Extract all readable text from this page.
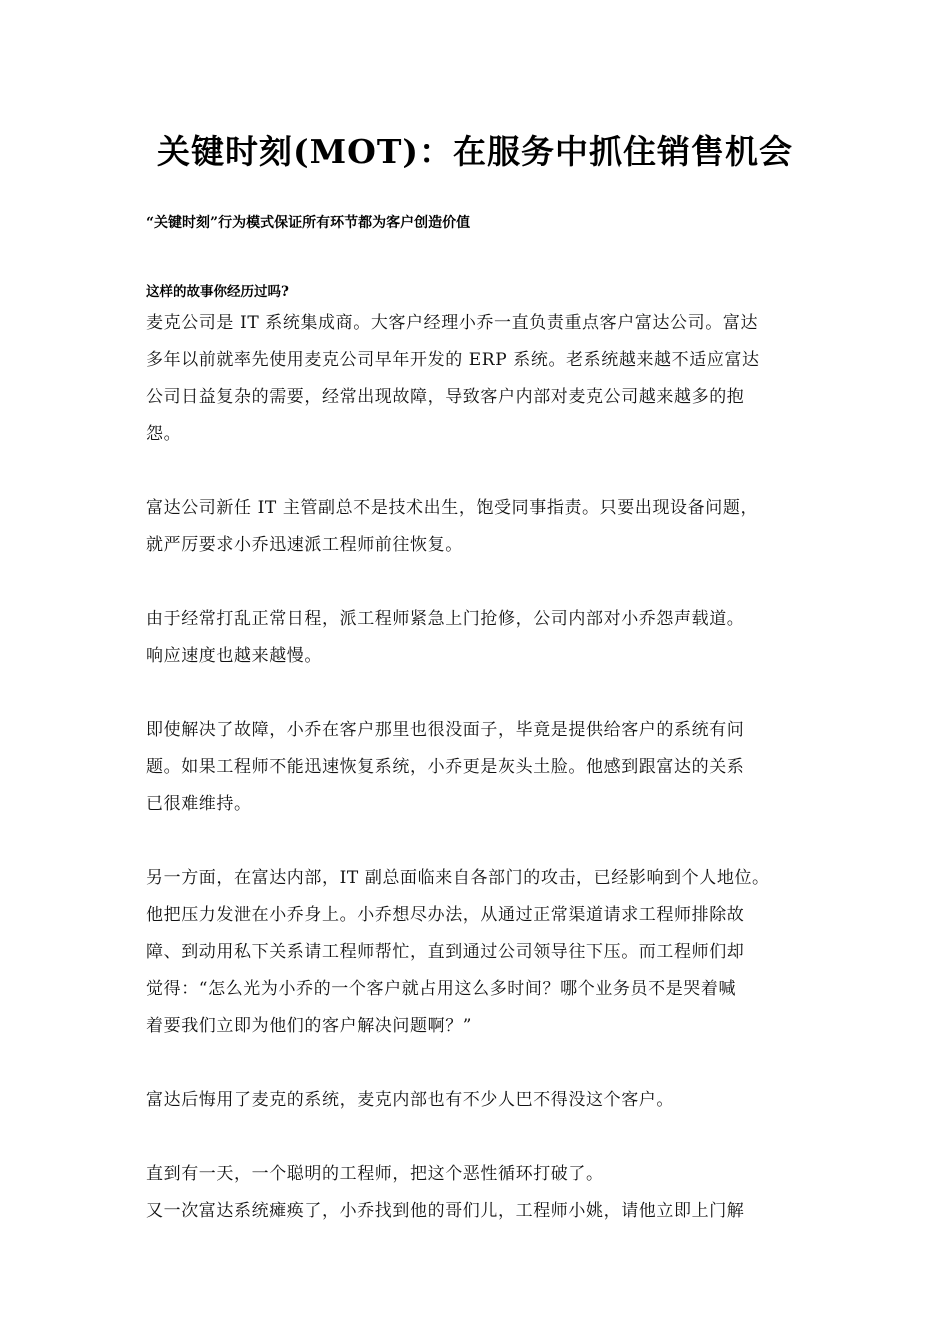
关键时刻(MOT)：在服务中抓住销售机会

“关键时刻”行为模式保证所有环节都为客户创造价值

这样的故事你经历过吗?

麦克公司是 IT 系统集成商。大客户经理小乔一直负责重点客户富达公司。富达
多年以前就率先使用麦克公司早年开发的 ERP 系统。老系统越来越不适应富达
公司日益复杂的需要，经常出现故障，导致客户内部对麦克公司越来越多的抱
怨。

富达公司新任 IT 主管副总不是技术出生，饱受同事指责。只要出现设备问题，
就严厉要求小乔迅速派工程师前往恢复。

由于经常打乱正常日程，派工程师紧急上门抢修，公司内部对小乔怨声载道。
响应速度也越来越慢。

即使解决了故障，小乔在客户那里也很没面子，毕竟是提供给客户的系统有问
题。如果工程师不能迅速恢复系统，小乔更是灰头土脸。他感到跟富达的关系
已很难维持。

另一方面，在富达内部，IT 副总面临来自各部门的攻击，已经影响到个人地位。
他把压力发泄在小乔身上。小乔想尽办法，从通过正常渠道请求工程师排除故
障、到动用私下关系请工程师帮忙，直到通过公司领导往下压。而工程师们却
觉得：“怎么光为小乔的一个客户就占用这么多时间？哪个业务员不是哭着喊
着要我们立即为他们的客户解决问题啊？”

富达后悔用了麦克的系统，麦克内部也有不少人巴不得没这个客户。

直到有一天，一个聪明的工程师，把这个恶性循环打破了。
又一次富达系统瘫痪了，小乔找到他的哥们儿，工程师小姚，请他立即上门解
